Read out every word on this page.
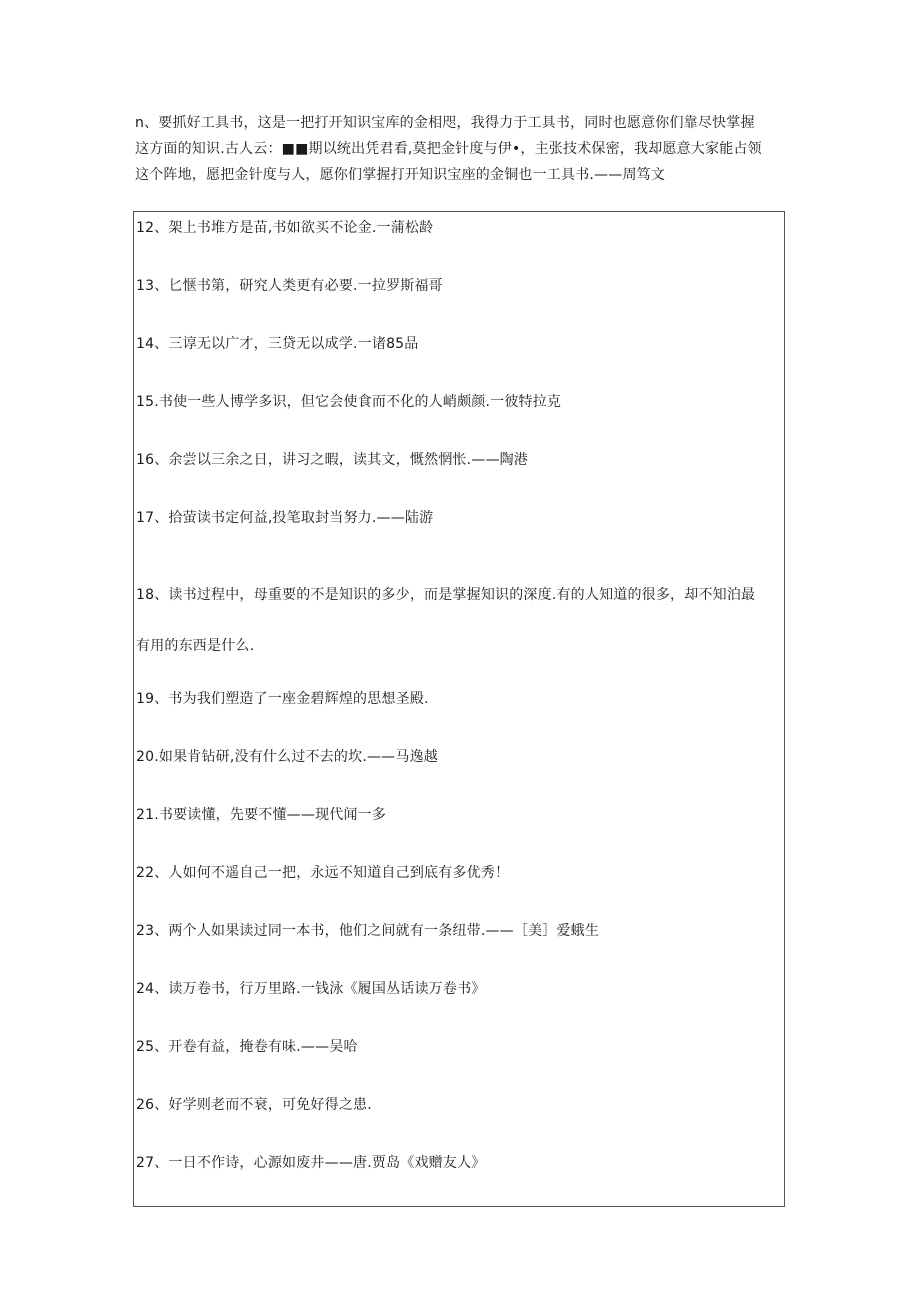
n、要抓好工具书，这是一把打开知识宝库的金相咫，我得力于工具书，同时也愿意你们靠尽快掌握

这方面的知识.古人云：■■期以统出凭君看,莫把金针度与伊•，主张技术保密，我却愿意大家能占领

这个阵地，愿把金针度与人，愿你们掌握打开知识宝座的金铜也一工具书.——周笃文

12、架上书堆方是苗,书如欲买不论金.一蒲松龄

13、匕惬书第，研究人类更有必要.一拉罗斯福哥

14、三谆无以广才，三贷无以成学.一诸85品

15.书使一些人博学多识，但它会使食而不化的人峭颇颜.一彼特拉克

16、余尝以三余之日，讲习之暇，读其文，慨然惘怅.——陶港

17、拾萤读书定何益,投笔取封当努力.——陆游

18、读书过程中，母重要的不是知识的多少，而是掌握知识的深度.有的人知道的很多，却不知泊最

有用的东西是什么.

19、书为我们塑造了一座金碧辉煌的思想圣殿.

20.如果肯钻研,没有什么过不去的坎.——马逸越

21.书要读懂，先要不懂——现代闻一多

22、人如何不遥自己一把，永远不知道自己到底有多优秀！

23、两个人如果读过同一本书，他们之间就有一条纽带.——［美］爱蛾生

24、读万卷书，行万里路.一钱泳《履国丛话读万卷书》

25、开卷有益，掩卷有味.——吴哈

26、好学则老而不衰，可免好得之患.

27、一日不作诗，心源如废井——唐.贾岛《戏赠友人》
